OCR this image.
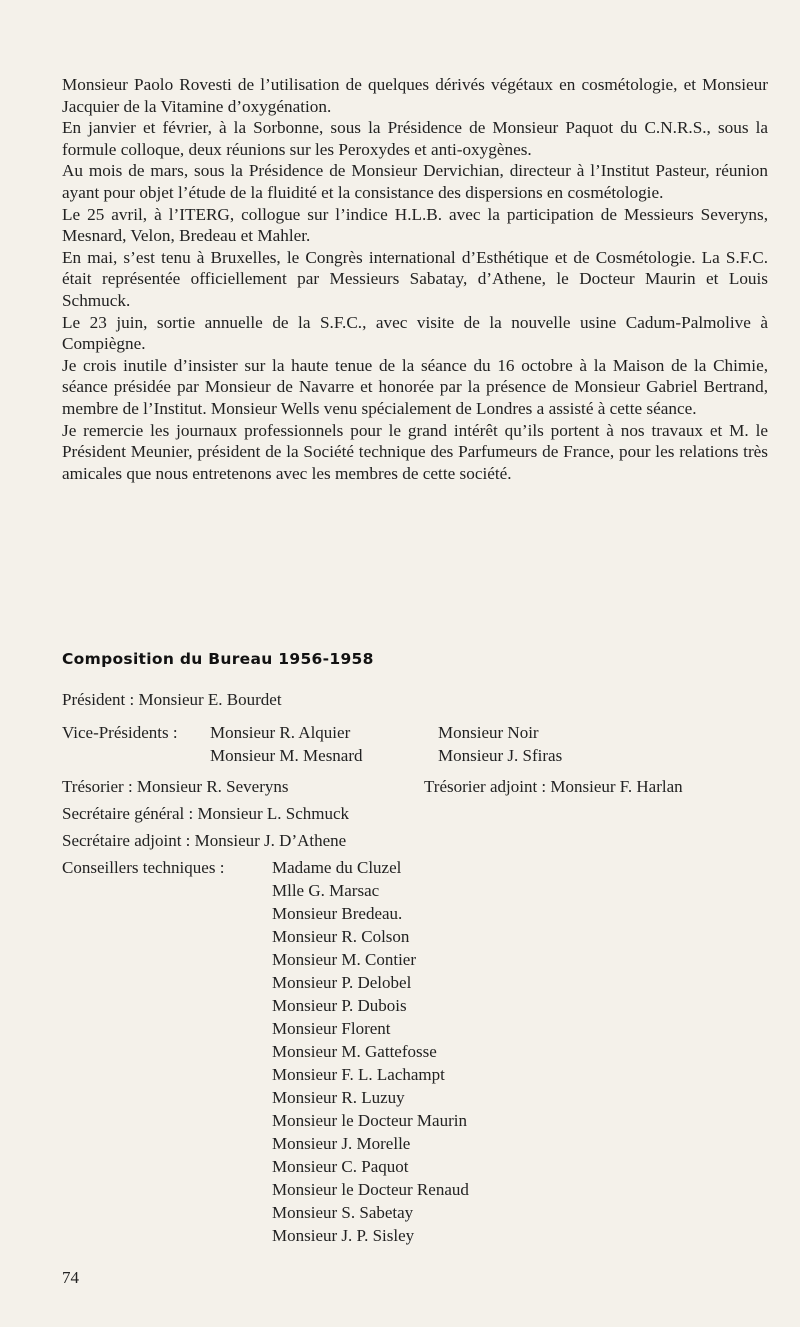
Monsieur Paolo Rovesti de l’utilisation de quelques dérivés végétaux en cosmétologie, et Monsieur Jacquier de la Vitamine d’oxygénation.

En janvier et février, à la Sorbonne, sous la Présidence de Monsieur Paquot du C.N.R.S., sous la formule colloque, deux réunions sur les Peroxydes et anti-oxygènes.

Au mois de mars, sous la Présidence de Monsieur Dervichian, directeur à l’Institut Pasteur, réunion ayant pour objet l’étude de la fluidité et la consistance des dispersions en cosmétologie.

Le 25 avril, à l’ITERG, collogue sur l’indice H.L.B. avec la participation de Messieurs Severyns, Mesnard, Velon, Bredeau et Mahler.

En mai, s’est tenu à Bruxelles, le Congrès international d’Esthétique et de Cosmétologie. La S.F.C. était représentée officiellement par Messieurs Sabatay, d’Athene, le Docteur Maurin et Louis Schmuck.

Le 23 juin, sortie annuelle de la S.F.C., avec visite de la nouvelle usine Cadum-Palmolive à Compiègne.

Je crois inutile d’insister sur la haute tenue de la séance du 16 octobre à la Maison de la Chimie, séance présidée par Monsieur de Navarre et honorée par la présence de Monsieur Gabriel Bertrand, membre de l’Institut. Monsieur Wells venu spécialement de Londres a assisté à cette séance.

Je remercie les journaux professionnels pour le grand intérêt qu’ils portent à nos travaux et M. le Président Meunier, président de la Société technique des Parfumeurs de France, pour les relations très amicales que nous entretenons avec les membres de cette société.

Composition du Bureau 1956-1958
Président : Monsieur E. Bourdet
Vice-Présidents : Monsieur R. Alquier	Monsieur Noir
Monsieur M. Mesnard	Monsieur J. Sfiras
Trésorier : Monsieur R. Severyns	Trésorier adjoint : Monsieur F. Harlan
Secrétaire général : Monsieur L. Schmuck
Secrétaire adjoint : Monsieur J. D’Athene
Conseillers techniques :	Madame du Cluzel
Mlle G. Marsac
Monsieur Bredeau.
Monsieur R. Colson
Monsieur M. Contier
Monsieur P. Delobel
Monsieur P. Dubois
Monsieur Florent
Monsieur M. Gattefosse
Monsieur F. L. Lachampt
Monsieur R. Luzuy
Monsieur le Docteur Maurin
Monsieur J. Morelle
Monsieur C. Paquot
Monsieur le Docteur Renaud
Monsieur S. Sabetay
Monsieur J. P. Sisley
74
